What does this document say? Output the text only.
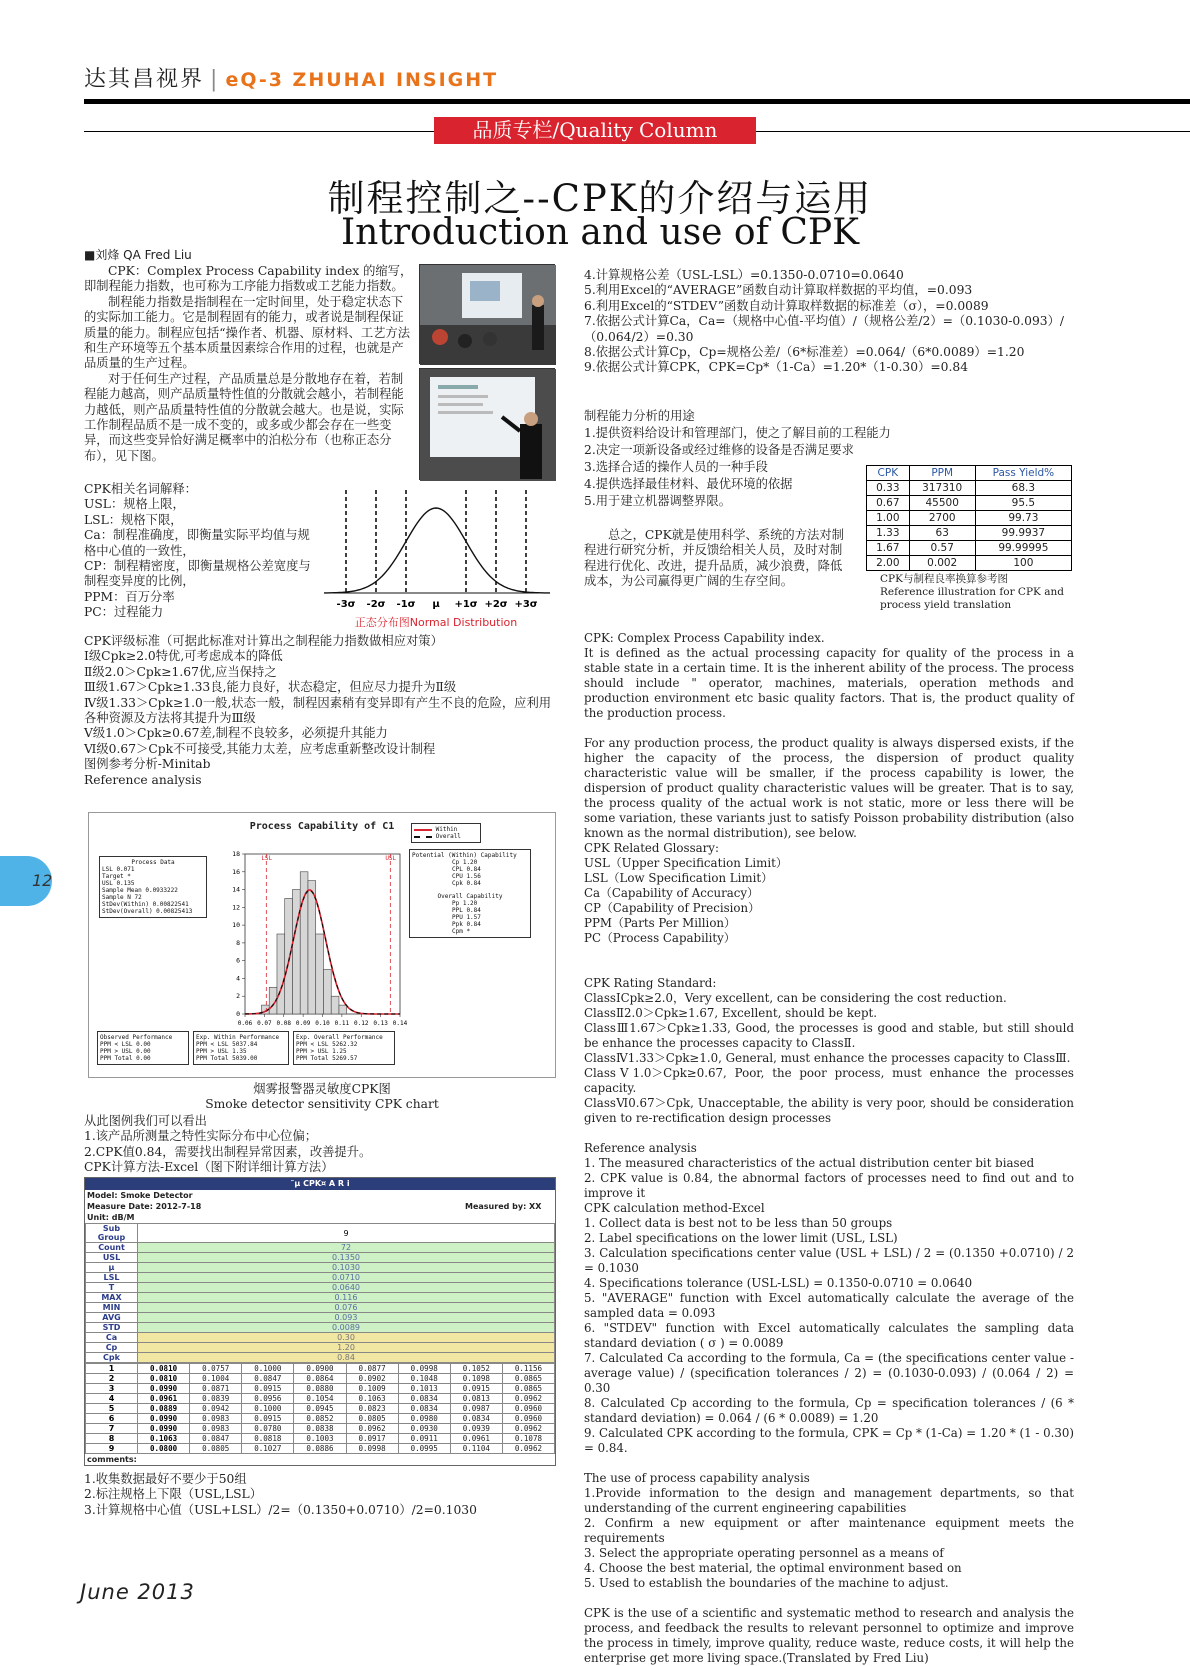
达其昌视界 | eQ-3 ZHUHAI INSIGHT
品质专栏/Quality Column
制程控制之--CPK的介绍与运用
Introduction and use of CPK
■刘烽 QA Fred Liu

CPK：Complex Process Capability index 的缩写，即制程能力指数，也可称为工序能力指数或工艺能力指数。

制程能力指数是指制程在一定时间里，处于稳定状态下的实际加工能力。它是制程固有的能力，或者说是制程保证质量的能力。制程应包括“操作者、机器、原材料、工艺方法和生产环境等五个基本质量因素综合作用的过程，也就是产品质量的生产过程。

对于任何生产过程，产品质量总是分散地存在着，若制程能力越高，则产品质量特性值的分散就会越小，若制程能力越低，则产品质量特性值的分散就会越大。也是说，实际工作制程品质不是一成不变的，或多或少都会存在一些变异，而这些变异恰好满足概率中的泊松分布（也称正态分布），见下图。

CPK相关名词解释：

USL：规格上限，

LSL：规格下限，

Ca：制程准确度，即衡量实际平均值与规格中心值的一致性，

CP：制程精密度，即衡量规格公差宽度与制程变异度的比例，

PPM：百万分率

PC：过程能力

-3σ -2σ -1σ μ +1σ +2σ +3σ
正态分布图Normal Distribution

CPK评级标准（可据此标准对计算出之制程能力指数做相应对策）

Ⅰ级Cpk≥2.0特优,可考虑成本的降低

Ⅱ级2.0＞Cpk≥1.67优,应当保持之

Ⅲ级1.67＞Cpk≥1.33良,能力良好，状态稳定，但应尽力提升为Ⅱ级

Ⅳ级1.33＞Cpk≥1.0一般,状态一般，制程因素稍有变异即有产生不良的危险，应利用各种资源及方法将其提升为Ⅲ级

Ⅴ级1.0＞Cpk≥0.67差,制程不良较多，必须提升其能力

Ⅵ级0.67＞Cpk不可接受,其能力太差，应考虑重新整改设计制程

图例参考分析-Minitab

Reference analysis

Process Capability of C1
Process Data
LSL 0.071
Target *
USL 0.135
Sample Mean 0.0933222
Sample N 72
StDev(Within) 0.00822541
StDev(Overall) 0.00825413
0
2
4
6
8
10
12
14
16
18
0.06 0.07 0.08 0.09 0.10 0.11 0.12 0.13 0.14
LSL	USL
Within
Overall
Potential (Within) Capability
Cp 1.20
CPL 0.84
CPU 1.56
Cpk 0.84
Overall Capability
Pp 1.20
PPL 0.84
PPU 1.57
Ppk 0.84
Cpm *
Observed Performance
PPM < LSL 0.00
PPM > USL 0.00
PPM Total 0.00
Exp. Within Performance
PPM < LSL 5037.84
PPM > USL 1.35
PPM Total 5039.00
Exp. Overall Performance
PPM < LSL 5262.32
PPM > USL 1.25
PPM Total 5269.57
烟雾报警器灵敏度CPK图
Smoke detector sensitivity CPK chart

从此图例我们可以看出

1.该产品所测量之特性实际分布中心位偏；

2.CPK值0.84，需要找出制程异常因素，改善提升。

CPK计算方法-Excel（图下附详细计算方法）

˜µ CPK¤ A R i
Model: Smoke Detector
Measure Date: 2012-7-18	Measured by: XX
Unit: dB/M
Sub Group	9
Count	72
USL	0.1350
μ	0.1030
LSL	0.0710
T	0.0640
MAX	0.116
MIN	0.076
AVG	0.093
STD	0.0089
Ca	0.30
Cp	1.20
Cpk	0.84
1	0.0810	0.0757	0.1000	0.0900	0.0877	0.0998	0.1052	0.1156
2	0.0810	0.1004	0.0847	0.0864	0.0902	0.1048	0.1098	0.0865
3	0.0990	0.0871	0.0915	0.0880	0.1009	0.1013	0.0915	0.0865
4	0.0961	0.0839	0.0956	0.1054	0.1063	0.0834	0.0813	0.0962
5	0.0889	0.0942	0.1000	0.0945	0.0823	0.0834	0.0987	0.0960
6	0.0990	0.0983	0.0915	0.0852	0.0805	0.0980	0.0834	0.0960
7	0.0990	0.0983	0.0780	0.0838	0.0962	0.0930	0.0939	0.0962
8	0.1063	0.0847	0.0818	0.1003	0.0917	0.0911	0.0961	0.1078
9	0.0800	0.0805	0.1027	0.0886	0.0998	0.0995	0.1104	0.0962
comments:

1.收集数据最好不要少于50组

2.标注规格上下限（USL,LSL）

3.计算规格中心值（USL+LSL）/2=（0.1350+0.0710）/2=0.1030

4.计算规格公差（USL-LSL）=0.1350-0.0710=0.0640

5.利用Excel的“AVERAGE”函数自动计算取样数据的平均值，=0.093

6.利用Excel的“STDEV”函数自动计算取样数据的标准差（σ），=0.0089

7.依据公式计算Ca，Ca=（规格中心值-平均值）/（规格公差/2）=（0.1030-0.093）/（0.064/2）=0.30

8.依据公式计算Cp，Cp=规格公差/（6*标准差）=0.064/（6*0.0089）=1.20

9.依据公式计算CPK，CPK=Cp*（1-Ca）=1.20*（1-0.30）=0.84

制程能力分析的用途

1.提供资料给设计和管理部门，使之了解目前的工程能力

2.决定一项新设备或经过维修的设备是否满足要求

3.选择合适的操作人员的一种手段

4.提供选择最佳材料、最优环境的依据

5.用于建立机器调整界限。

总之，CPK就是使用科学、系统的方法对制程进行研究分析，并反馈给相关人员，及时对制程进行优化、改进，提升品质，减少浪费，降低成本，为公司赢得更广阔的生存空间。
CPK	PPM	Pass Yield%
0.33	317310	68.3
0.67	45500	95.5
1.00	2700	99.73
1.33	63	99.9937
1.67	0.57	99.99995
2.00	0.002	100
CPK与制程良率换算参考图
Reference illustration for CPK and
process yield translation

CPK: Complex Process Capability index.

It is defined as the actual processing capacity for quality of the process in a stable state in a certain time. It is the inherent ability of the process. The process should include " operator, machines, materials, operation methods and production environment etc basic quality factors. That is, the product quality of the production process.

For any production process, the product quality is always dispersed exists, if the higher the capacity of the process, the dispersion of product quality characteristic value will be smaller, if the process capability is lower, the dispersion of product quality characteristic values will be greater. That is to say, the process quality of the actual work is not static, more or less there will be some variation, these variants just to satisfy Poisson probability distribution (also known as the normal distribution), see below.

CPK Related Glossary:

USL（Upper Specification Limit）

LSL（Low Specification Limit）

Ca（Capability of Accuracy）

CP（Capability of Precision）

PPM（Parts Per Million）

PC（Process Capability）

CPK Rating Standard:

ClassⅠCpk≥2.0，Very excellent, can be considering the cost reduction.

ClassⅡ2.0＞Cpk≥1.67, Excellent, should be kept.

ClassⅢ1.67＞Cpk≥1.33, Good, the processes is good and stable, but still should be enhance the processes capacity to ClassⅡ.

ClassⅣ1.33＞Cpk≥1.0, General, must enhance the processes capacity to ClassⅢ.

ClassⅤ1.0＞Cpk≥0.67, Poor, the poor process, must enhance the processes capacity.

ClassⅥ0.67＞Cpk, Unacceptable, the ability is very poor, should be consideration given to re-rectification design processes

Reference analysis

1. The measured characteristics of the actual distribution center bit biased

2. CPK value is 0.84, the abnormal factors of processes need to find out and to improve it

CPK calculation method-Excel

1. Collect data is best not to be less than 50 groups

2. Label specifications on the lower limit (USL, LSL)

3. Calculation specifications center value (USL + LSL) / 2 = (0.1350 +0.0710) / 2 = 0.1030

4. Specifications tolerance (USL-LSL) = 0.1350-0.0710 = 0.0640

5. "AVERAGE" function with Excel automatically calculate the average of the sampled data = 0.093

6. "STDEV" function with Excel automatically calculates the sampling data standard deviation ( σ ) = 0.0089

7. Calculated Ca according to the formula, Ca = (the specifications center value - average value) / (specification tolerances / 2) = (0.1030-0.093) / (0.064 / 2) = 0.30

8. Calculated Cp according to the formula, Cp = specification tolerances / (6 * standard deviation) = 0.064 / (6 * 0.0089) = 1.20

9. Calculated CPK according to the formula, CPK = Cp * (1-Ca) = 1.20 * (1 - 0.30) = 0.84.

The use of process capability analysis

1.Provide information to the design and management departments, so that understanding of the current engineering capabilities

2. Confirm a new equipment or after maintenance equipment meets the requirements

3. Select the appropriate operating personnel as a means of

4. Choose the best material, the optimal environment based on

5. Used to establish the boundaries of the machine to adjust.

CPK is the use of a scientific and systematic method to research and analysis the process, and feedback the results to relevant personnel to optimize and improve the process in timely, improve quality, reduce waste, reduce costs, it will help the enterprise get more living space.(Translated by Fred Liu)

12
June 2013
